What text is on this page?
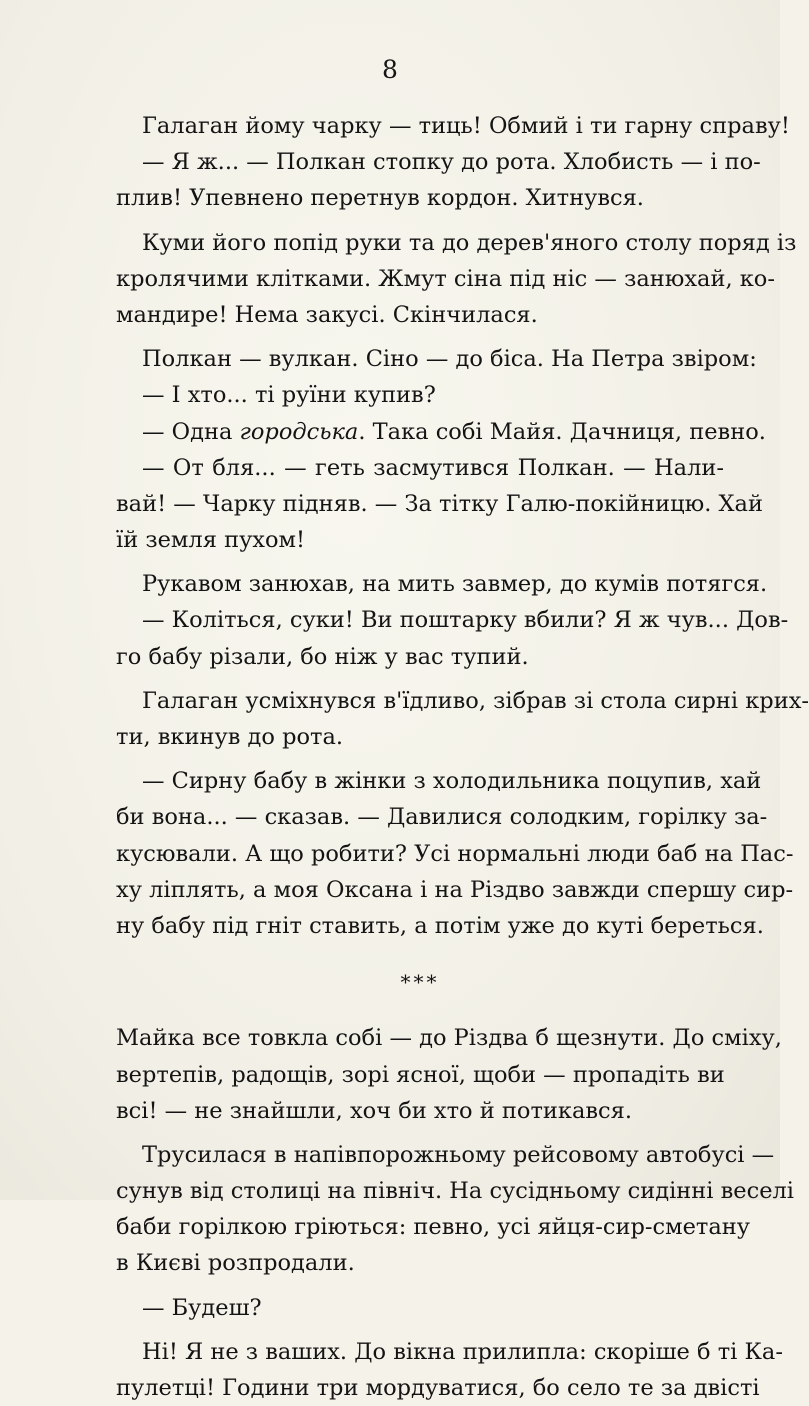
8
Галаган йому чарку — тиць! Обмий і ти гарну справу!
— Я ж... — Полкан стопку до рота. Хлобисть — і по-
плив! Упевнено перетнув кордон. Хитнувся.
Куми його попід руки та до дерев'яного столу поряд із
кролячими клітками. Жмут сіна під ніс — занюхай, ко-
мандире! Нема закусі. Скінчилася.
Полкан — вулкан. Сіно — до біса. На Петра звіром:
— І хто... ті руїни купив?
— Одна городська. Така собі Майя. Дачниця, певно.
— От бля... — геть засмутився Полкан. — Нали-
вай! — Чарку підняв. — За тітку Галю-покійницю. Хай
їй земля пухом!
Рукавом занюхав, на мить завмер, до кумів потягся.
— Коліться, суки! Ви поштарку вбили? Я ж чув... Дов-
го бабу різали, бо ніж у вас тупий.
Галаган усміхнувся в'їдливо, зібрав зі стола сирні крих-
ти, вкинув до рота.
— Сирну бабу в жінки з холодильника поцупив, хай
би вона... — сказав. — Давилися солодким, горілку за-
кусювали. А що робити? Усі нормальні люди баб на Пас-
ху ліплять, а моя Оксана і на Різдво завжди спершу сир-
ну бабу під гніт ставить, а потім уже до куті береться.
***
Майка все товкла собі — до Різдва б щезнути. До сміху,
вертепів, радощів, зорі ясної, щоби — пропадіть ви
всі! — не знайшли, хоч би хто й потикався.
Трусилася в напівпорожньому рейсовому автобусі —
сунув від столиці на північ. На сусідньому сидінні веселі
баби горілкою гріються: певно, усі яйця-сир-сметану
в Києві розпродали.
— Будеш?
Ні! Я не з ваших. До вікна прилипла: скоріше б ті Ка-
пулетці! Години три мордуватися, бо село те за двісті
